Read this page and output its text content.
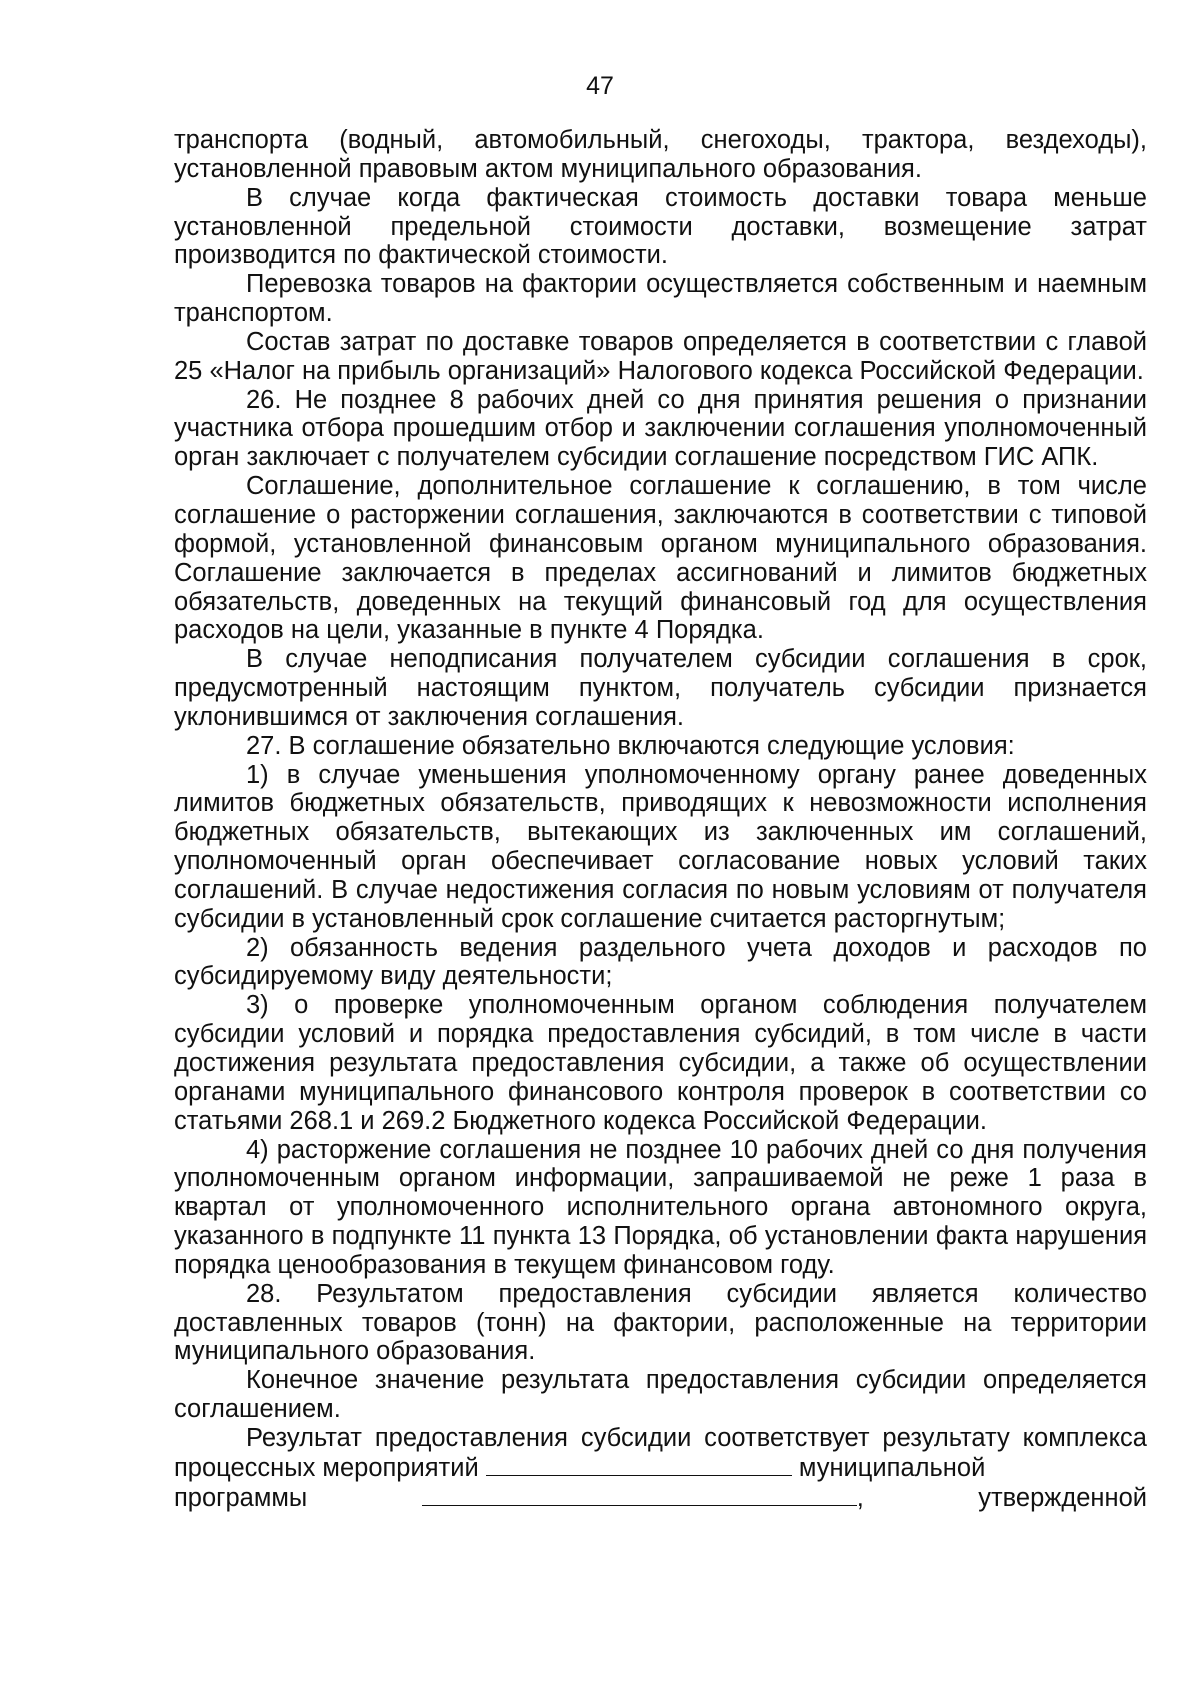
47

транспорта (водный, автомобильный, снегоходы, трактора, вездеходы), установленной правовым актом муниципального образования.

В случае когда фактическая стоимость доставки товара меньше установленной предельной стоимости доставки, возмещение затрат производится по фактической стоимости.

Перевозка товаров на фактории осуществляется собственным и наемным транспортом.

Состав затрат по доставке товаров определяется в соответствии с главой 25 «Налог на прибыль организаций» Налогового кодекса Российской Федерации.

26. Не позднее 8 рабочих дней со дня принятия решения о признании участника отбора прошедшим отбор и заключении соглашения уполномоченный орган заключает с получателем субсидии соглашение посредством ГИС АПК.

Соглашение, дополнительное соглашение к соглашению, в том числе соглашение о расторжении соглашения, заключаются в соответствии с типовой формой, установленной финансовым органом муниципального образования. Соглашение заключается в пределах ассигнований и лимитов бюджетных обязательств, доведенных на текущий финансовый год для осуществления расходов на цели, указанные в пункте 4 Порядка.

В случае неподписания получателем субсидии соглашения в срок, предусмотренный настоящим пунктом, получатель субсидии признается уклонившимся от заключения соглашения.

27. В соглашение обязательно включаются следующие условия:

1) в случае уменьшения уполномоченному органу ранее доведенных лимитов бюджетных обязательств, приводящих к невозможности исполнения бюджетных обязательств, вытекающих из заключенных им соглашений, уполномоченный орган обеспечивает согласование новых условий таких соглашений. В случае недостижения согласия по новым условиям от получателя субсидии в установленный срок соглашение считается расторгнутым;

2) обязанность ведения раздельного учета доходов и расходов по субсидируемому виду деятельности;

3) о проверке уполномоченным органом соблюдения получателем субсидии условий и порядка предоставления субсидий, в том числе в части достижения результата предоставления субсидии, а также об осуществлении органами муниципального финансового контроля проверок в соответствии со статьями 268.1 и 269.2 Бюджетного кодекса Российской Федерации.

4) расторжение соглашения не позднее 10 рабочих дней со дня получения уполномоченным органом информации, запрашиваемой не реже 1 раза в квартал от уполномоченного исполнительного органа автономного округа, указанного в подпункте 11 пункта 13 Порядка, об установлении факта нарушения порядка ценообразования в текущем финансовом году.

28. Результатом предоставления субсидии является количество доставленных товаров (тонн) на фактории, расположенные на территории муниципального образования.

Конечное значение результата предоставления субсидии определяется соглашением.

Результат предоставления субсидии соответствует результату комплекса процессных мероприятий	муниципальной

программы	,	утвержденной
